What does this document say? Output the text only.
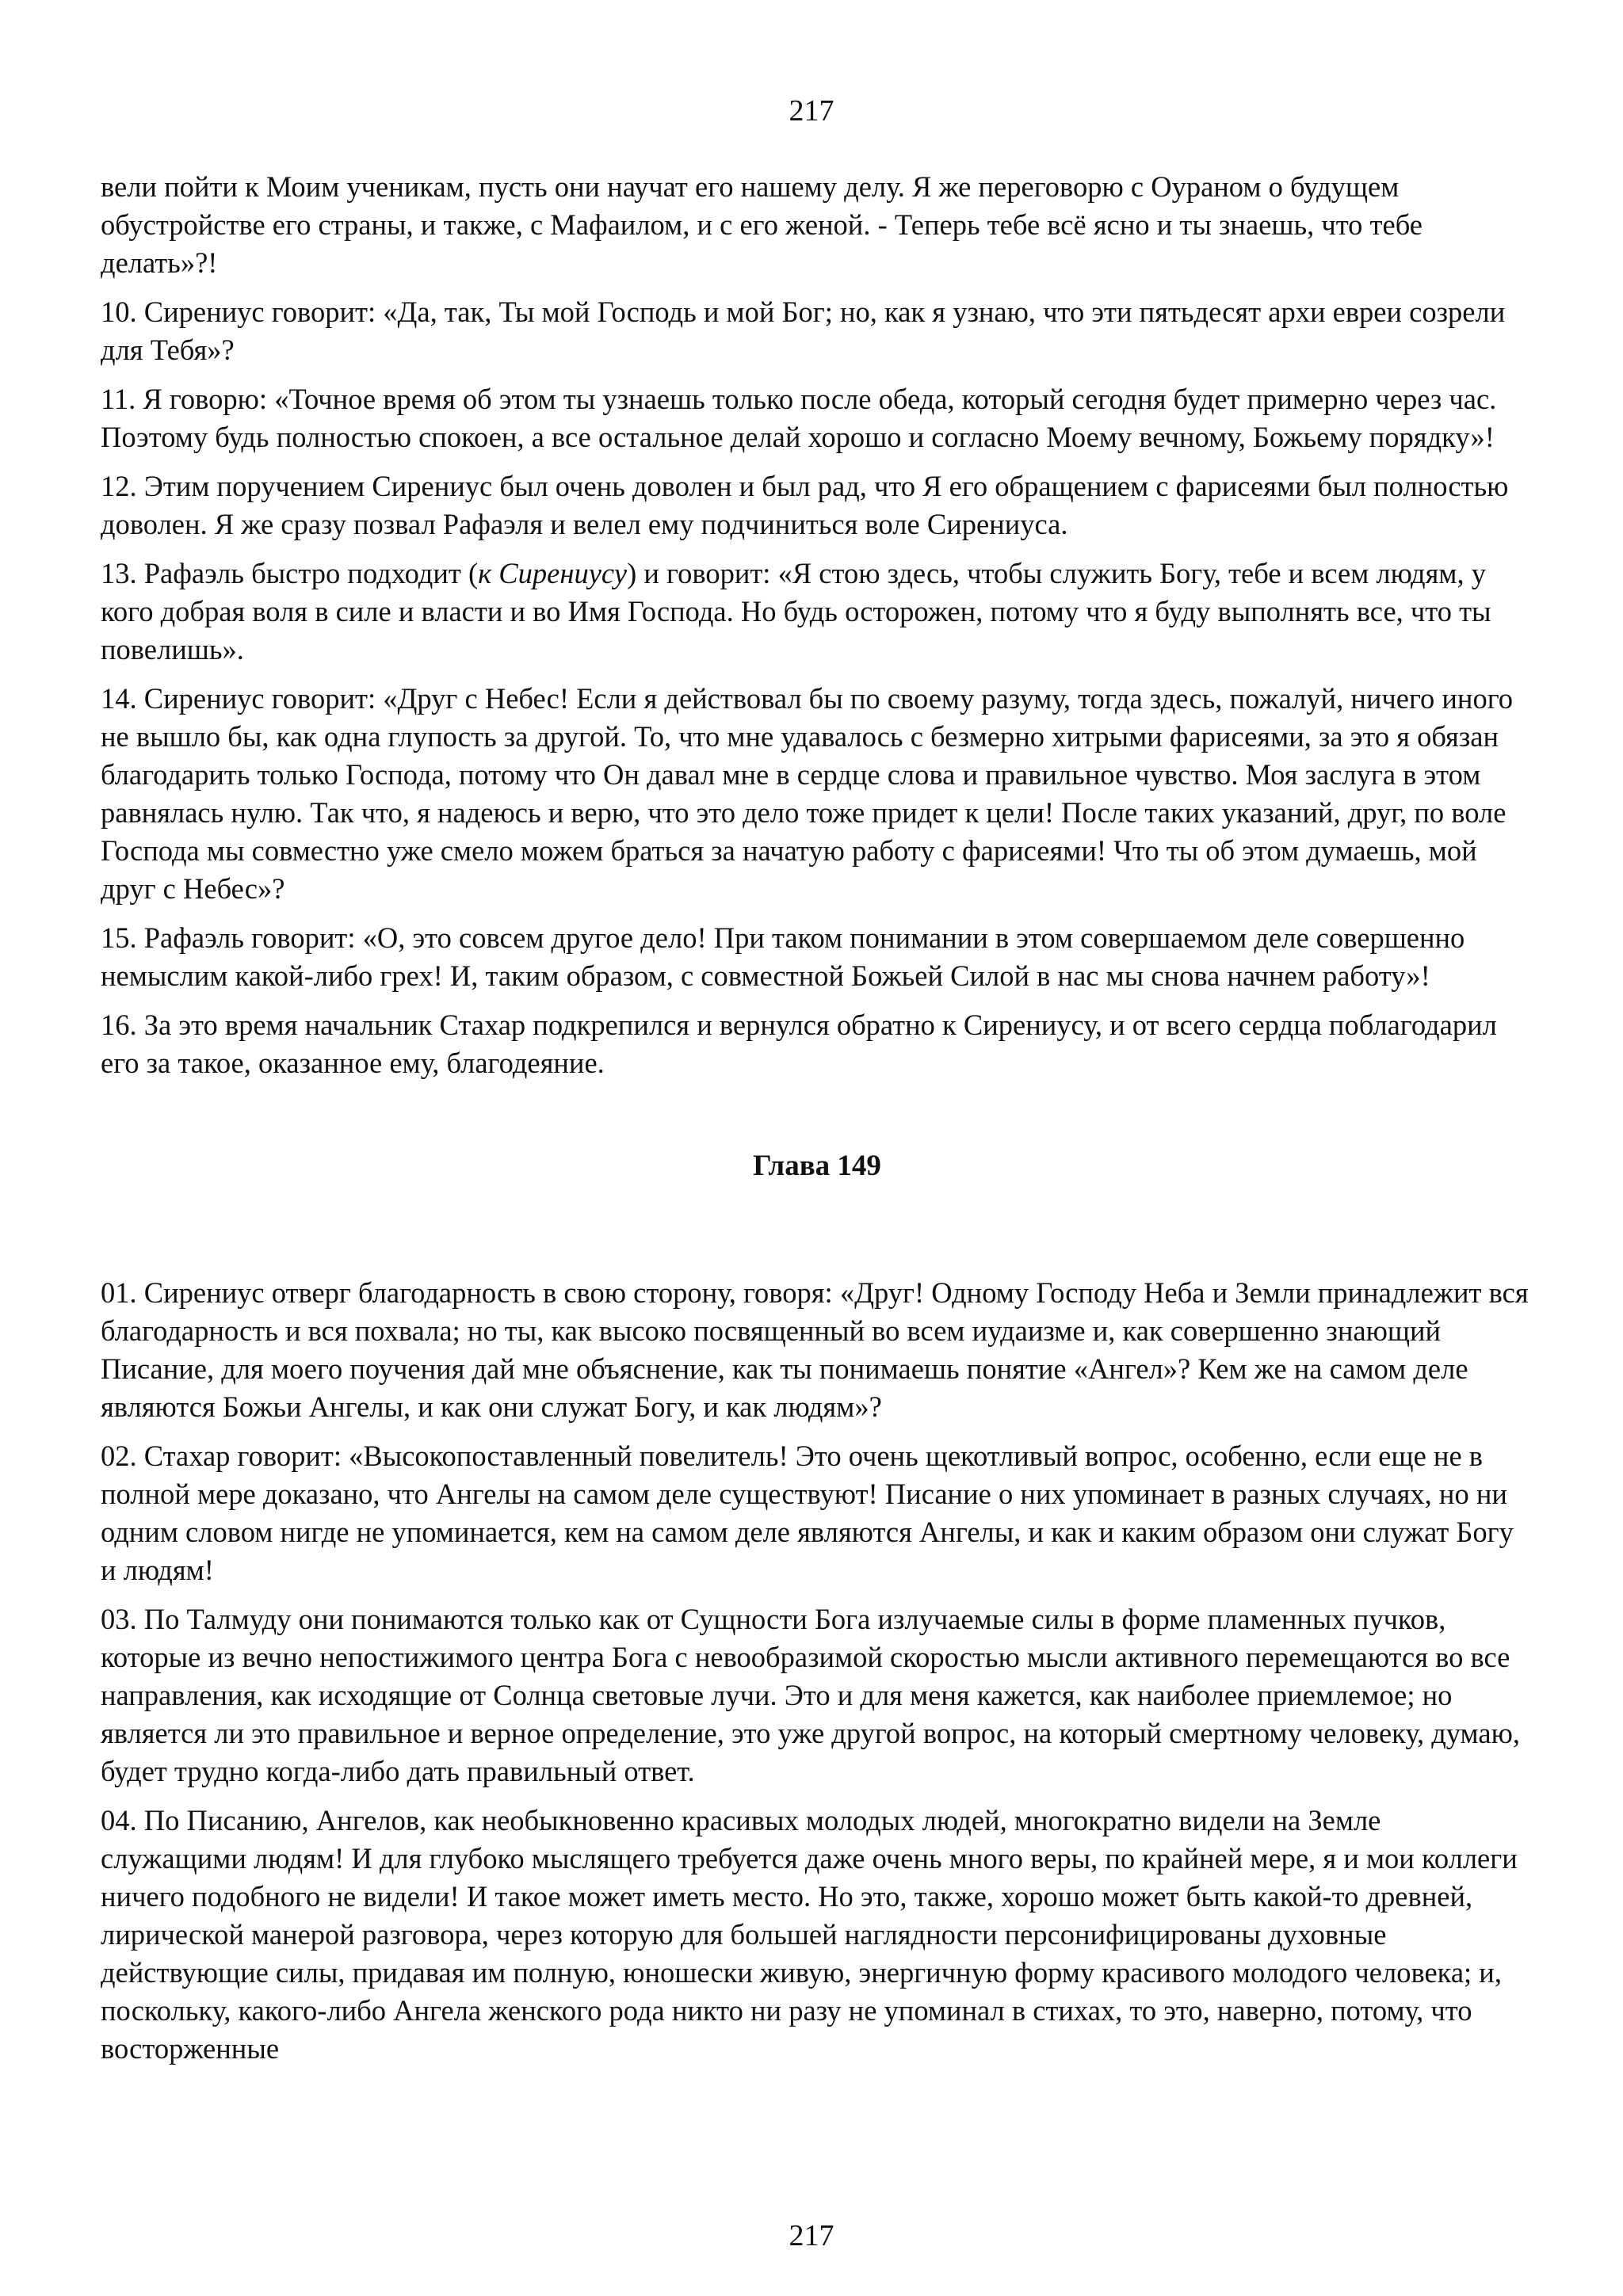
217

вели пойти к Моим ученикам, пусть они научат его нашему делу. Я же переговорю с Оураном о будущем обустройстве его страны, и также, с Мафаилом, и с его женой. - Теперь тебе всё ясно и ты знаешь, что тебе делать»?!

10. Сирениус говорит: «Да, так, Ты мой Господь и мой Бог; но, как я узнаю, что эти пятьдесят архи евреи созрели для Тебя»?

11. Я говорю: «Точное время об этом ты узнаешь только после обеда, который сегодня будет примерно через час. Поэтому будь полностью спокоен, а все остальное делай хорошо и согласно Моему вечному, Божьему порядку»!

12. Этим поручением Сирениус был очень доволен и был рад, что Я его обращением с фарисеями был полностью доволен. Я же сразу позвал Рафаэля и велел ему подчиниться воле Сирениуса.

13. Рафаэль быстро подходит (к Сирениусу) и говорит: «Я стою здесь, чтобы служить Богу, тебе и всем людям, у кого добрая воля в силе и власти и во Имя Господа. Но будь осторожен, потому что я буду выполнять все, что ты повелишь».

14. Сирениус говорит: «Друг с Небес! Если я действовал бы по своему разуму, тогда здесь, пожалуй, ничего иного не вышло бы, как одна глупость за другой. То, что мне удавалось с безмерно хитрыми фарисеями, за это я обязан благодарить только Господа, потому что Он давал мне в сердце слова и правильное чувство. Моя заслуга в этом равнялась нулю. Так что, я надеюсь и верю, что это дело тоже придет к цели! После таких указаний, друг, по воле Господа мы совместно уже смело можем браться за начатую работу с фарисеями! Что ты об этом думаешь, мой друг с Небес»?

15. Рафаэль говорит: «О, это совсем другое дело! При таком понимании в этом совершаемом деле совершенно немыслим какой-либо грех! И, таким образом, с совместной Божьей Силой в нас мы снова начнем работу»!

16. За это время начальник Стахар подкрепился и вернулся обратно к Сирениусу, и от всего сердца поблагодарил его за такое, оказанное ему, благодеяние.

Глава 149

01. Сирениус отверг благодарность в свою сторону, говоря: «Друг! Одному Господу Неба и Земли принадлежит вся благодарность и вся похвала; но ты, как высоко посвященный во всем иудаизме и, как совершенно знающий Писание, для моего поучения дай мне объяснение, как ты понимаешь понятие «Ангел»? Кем же на самом деле являются Божьи Ангелы, и как они служат Богу, и как людям»?

02. Стахар говорит: «Высокопоставленный повелитель! Это очень щекотливый вопрос, особенно, если еще не в полной мере доказано, что Ангелы на самом деле существуют! Писание о них упоминает в разных случаях, но ни одним словом нигде не упоминается, кем на самом деле являются Ангелы, и как и каким образом они служат Богу и людям!

03. По Талмуду они понимаются только как от Сущности Бога излучаемые силы в форме пламенных пучков, которые из вечно непостижимого центра Бога с невообразимой скоростью мысли активного перемещаются во все направления, как исходящие от Солнца световые лучи. Это и для меня кажется, как наиболее приемлемое; но является ли это правильное и верное определение, это уже другой вопрос, на который смертному человеку, думаю, будет трудно когда-либо дать правильный ответ.

04. По Писанию, Ангелов, как необыкновенно красивых молодых людей, многократно видели на Земле служащими людям! И для глубоко мыслящего требуется даже очень много веры, по крайней мере, я и мои коллеги ничего подобного не видели! И такое может иметь место. Но это, также, хорошо может быть какой-то древней, лирической манерой разговора, через которую для большей наглядности персонифицированы духовные действующие силы, придавая им полную, юношески живую, энергичную форму красивого молодого человека; и, поскольку, какого-либо Ангела женского рода никто ни разу не упоминал в стихах, то это, наверно, потому, что восторженные

217
